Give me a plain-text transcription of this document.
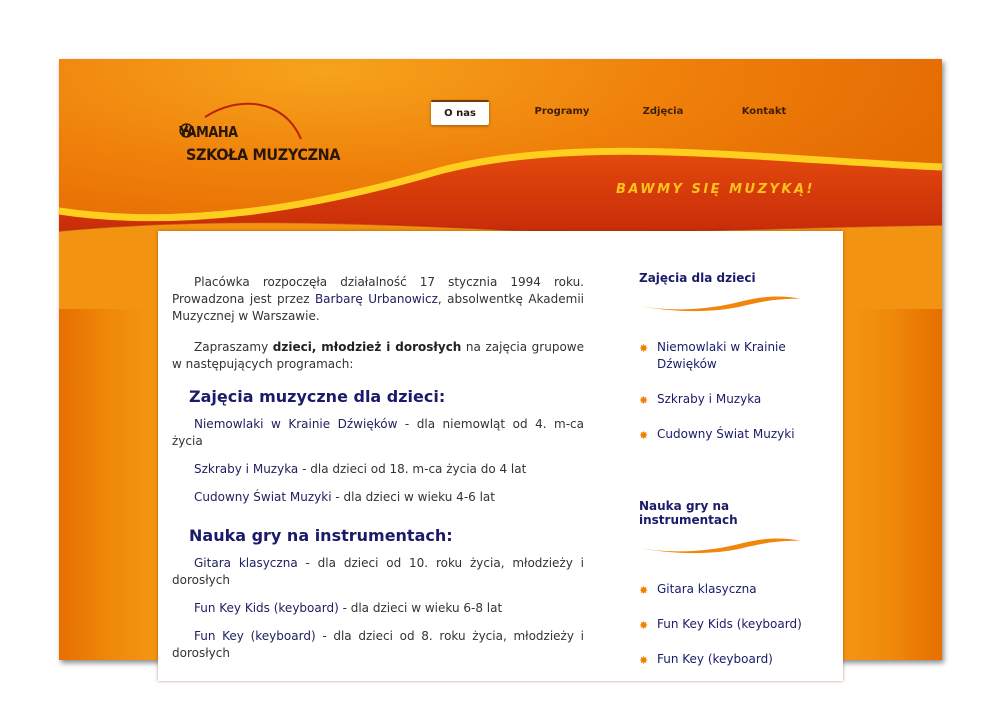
YAMAHA
SZKOŁA MUZYCZNA
O nas	Programy	Zdjęcia	Kontakt
BAWMY SIĘ MUZYKĄ!

Placówka rozpoczęła działalność 17 stycznia 1994 roku. Prowadzona jest przez Barbarę Urbanowicz, absolwentkę Akademii Muzycznej w Warszawie.

Zapraszamy dzieci, młodzież i dorosłych na zajęcia grupowe w następujących programach:

Zajęcia muzyczne dla dzieci:
Niemowlaki w Krainie Dźwięków - dla niemowląt od 4. m-ca życia
Szkraby i Muzyka - dla dzieci od 18. m-ca życia do 4 lat
Cudowny Świat Muzyki - dla dzieci w wieku 4-6 lat
Nauka gry na instrumentach:
Gitara klasyczna - dla dzieci od 10. roku życia, młodzieży i dorosłych
Fun Key Kids (keyboard) - dla dzieci w wieku 6-8 lat
Fun Key (keyboard) - dla dzieci od 8. roku życia, młodzieży i dorosłych
Zajęcia dla dzieci
✸ Niemowlaki w Krainie Dźwięków
✸ Szkraby i Muzyka
✸ Cudowny Świat Muzyki
Nauka gry na instrumentach
✸ Gitara klasyczna
✸ Fun Key Kids (keyboard)
✸ Fun Key (keyboard)
